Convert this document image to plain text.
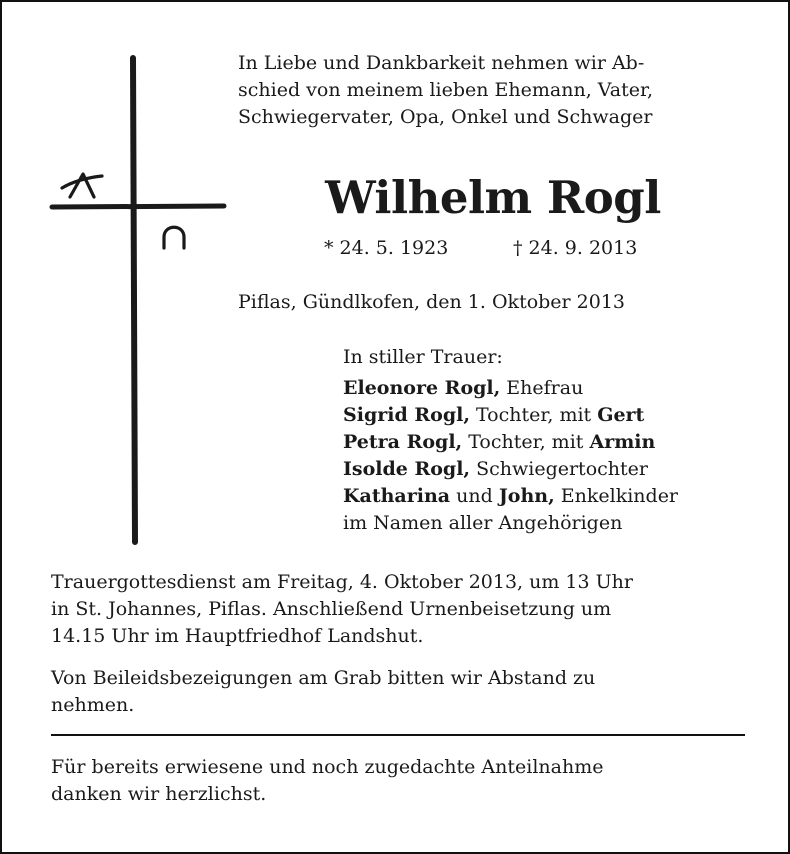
In Liebe und Dankbarkeit nehmen wir Ab-
schied von meinem lieben Ehemann, Vater,
Schwiegervater, Opa, Onkel und Schwager
Wilhelm Rogl
* 24. 5. 1923	† 24. 9. 2013
Piflas, Gündlkofen, den 1. Oktober 2013
In stiller Trauer:
Eleonore Rogl, Ehefrau
Sigrid Rogl, Tochter, mit Gert
Petra Rogl, Tochter, mit Armin
Isolde Rogl, Schwiegertochter
Katharina und John, Enkelkinder
im Namen aller Angehörigen
Trauergottesdienst am Freitag, 4. Oktober 2013, um 13 Uhr
in St. Johannes, Piflas. Anschließend Urnenbeisetzung um
14.15 Uhr im Hauptfriedhof Landshut.
Von Beileidsbezeigungen am Grab bitten wir Abstand zu
nehmen.
Für bereits erwiesene und noch zugedachte Anteilnahme
danken wir herzlichst.
